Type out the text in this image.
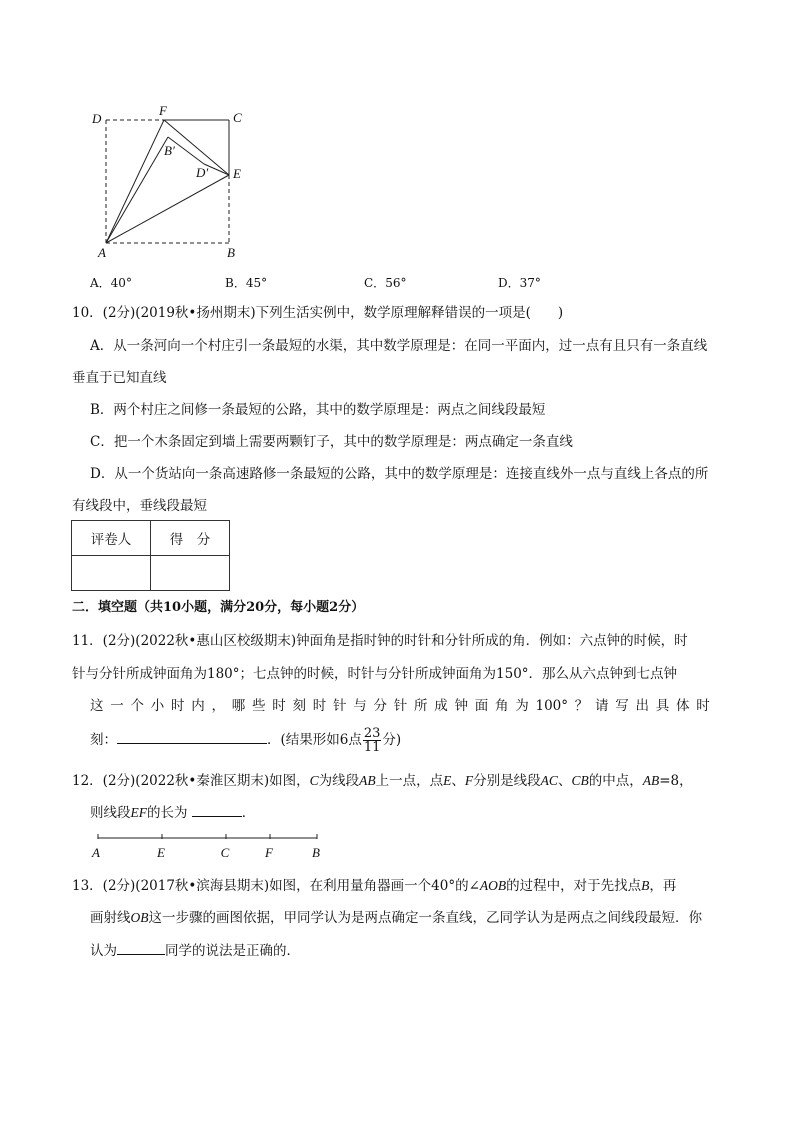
D
F	C
B′
D′ E
A	B
A．40°	B．45°	C．56°	D．37°
10．(2分)(2019秋•扬州期末)下列生活实例中，数学原理解释错误的一项是(　　)
A．从一条河向一个村庄引一条最短的水渠，其中数学原理是：在同一平面内，过一点有且只有一条直线
垂直于已知直线
B．两个村庄之间修一条最短的公路，其中的数学原理是：两点之间线段最短
C．把一个木条固定到墙上需要两颗钉子，其中的数学原理是：两点确定一条直线
D．从一个货站向一条高速路修一条最短的公路，其中的数学原理是：连接直线外一点与直线上各点的所
有线段中，垂线段最短
评卷人	得　分

二．填空题（共10小题，满分20分，每小题2分）
11．(2分)(2022秋•惠山区校级期末)钟面角是指时钟的时针和分针所成的角．例如：六点钟的时候，时
针与分针所成钟面角为180°；七点钟的时候，时针与分针所成钟面角为150°．那么从六点钟到七点钟
这 一 个 小 时 内 ， 哪 些 时 刻 时 针 与 分 针 所 成 钟 面 角 为 100° ？ 请 写 出 具 体 时
刻：	．(结果形如6点 $\frac{23}{11}$ 分)
12．(2分)(2022秋•秦淮区期末)如图，C为线段AB上一点，点E、F分别是线段AC、CB的中点，AB=8，
则线段EF的长为	．
A	E	C	F	B
13．(2分)(2017秋•滨海县期末)如图，在利用量角器画一个40°的∠AOB的过程中，对于先找点B，再
画射线OB这一步骤的画图依据，甲同学认为是两点确定一条直线，乙同学认为是两点之间线段最短．你
认为	同学的说法是正确的．
